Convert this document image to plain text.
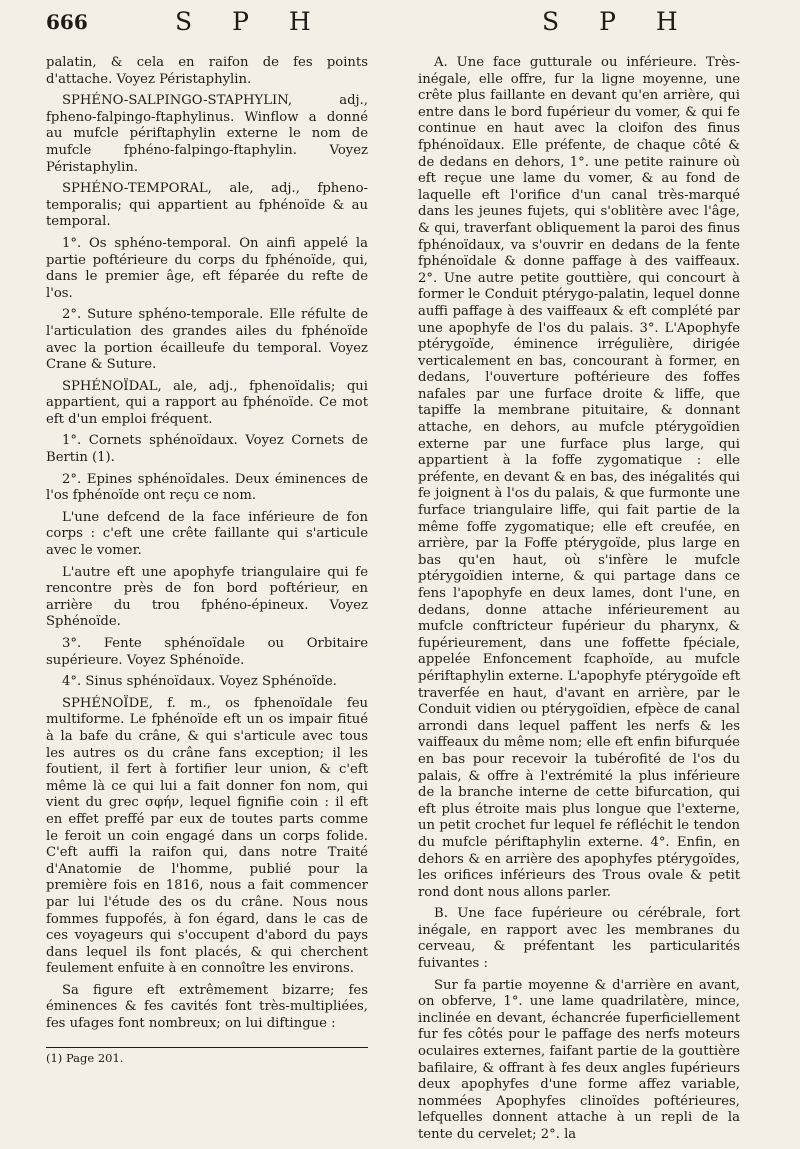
666	S P H	S P H

palatin, & cela en raifon de fes points d'attache. Voyez Péristaphylin.

SPHÉNO-SALPINGO-STAPHYLIN, adj., fpheno-falpingo-ftaphylinus. Winflow a donné au mufcle périftaphylin externe le nom de mufcle fphéno-falpingo-ftaphylin. Voyez Péristaphylin.

SPHÉNO-TEMPORAL, ale, adj., fpheno-temporalis; qui appartient au fphénoïde & au temporal.

1°. Os sphéno-temporal. On ainfi appelé la partie poftérieure du corps du fphénoïde, qui, dans le premier âge, eft féparée du refte de l'os.

2°. Suture sphéno-temporale. Elle réfulte de l'articulation des grandes ailes du fphénoïde avec la portion écailleufe du temporal. Voyez Crane & Suture.

SPHÉNOÏDAL, ale, adj., fphenoïdalis; qui appartient, qui a rapport au fphénoïde. Ce mot eft d'un emploi fréquent.

1°. Cornets sphénoïdaux. Voyez Cornets de Bertin (1).

2°. Epines sphénoïdales. Deux éminences de l'os fphénoïde ont reçu ce nom.

L'une defcend de la face inférieure de fon corps : c'eft une crête faillante qui s'articule avec le vomer.

L'autre eft une apophyfe triangulaire qui fe rencontre près de fon bord poftérieur, en arrière du trou fphéno-épineux. Voyez Sphénoïde.

3°. Fente sphénoïdale ou Orbitaire supérieure. Voyez Sphénoïde.

4°. Sinus sphénoïdaux. Voyez Sphénoïde.

SPHÉNOÏDE, f. m., os fphenoïdale feu multiforme. Le fphénoïde eft un os impair fitué à la bafe du crâne, & qui s'articule avec tous les autres os du crâne fans exception; il les foutient, il fert à fortifier leur union, & c'eft même là ce qui lui a fait donner fon nom, qui vient du grec σφήν, lequel fignifie coin : il eft en effet preffé par eux de toutes parts comme le feroit un coin engagé dans un corps folide. C'eft auffi la raifon qui, dans notre Traité d'Anatomie de l'homme, publié pour la première fois en 1816, nous a fait commencer par lui l'étude des os du crâne. Nous nous fommes fuppofés, à fon égard, dans le cas de ces voyageurs qui s'occupent d'abord du pays dans lequel ils font placés, & qui cherchent feulement enfuite à en connoître les environs.

Sa figure eft extrêmement bizarre; fes éminences & fes cavités font très-multipliées, fes ufages font nombreux; on lui diftingue :

(1) Page 201.

A. Une face gutturale ou inférieure. Très-inégale, elle offre, fur la ligne moyenne, une crête plus faillante en devant qu'en arrière, qui entre dans le bord fupérieur du vomer, & qui fe continue en haut avec la cloifon des finus fphénoïdaux. Elle préfente, de chaque côté & de dedans en dehors, 1°. une petite rainure où eft reçue une lame du vomer, & au fond de laquelle eft l'orifice d'un canal très-marqué dans les jeunes fujets, qui s'oblitère avec l'âge, & qui, traverfant obliquement la paroi des finus fphénoïdaux, va s'ouvrir en dedans de la fente fphénoïdale & donne paffage à des vaiffeaux. 2°. Une autre petite gouttière, qui concourt à former le Conduit ptérygo-palatin, lequel donne auffi paffage à des vaiffeaux & eft complété par une apophyfe de l'os du palais. 3°. L'Apophyfe ptérygoïde, éminence irrégulière, dirigée verticalement en bas, concourant à former, en dedans, l'ouverture poftérieure des foffes nafales par une furface droite & liffe, que tapiffe la membrane pituitaire, & donnant attache, en dehors, au mufcle ptérygoïdien externe par une furface plus large, qui appartient à la foffe zygomatique : elle préfente, en devant & en bas, des inégalités qui fe joignent à l'os du palais, & que furmonte une furface triangulaire liffe, qui fait partie de la même foffe zygomatique; elle eft creufée, en arrière, par la Foffe ptérygoïde, plus large en bas qu'en haut, où s'infère le mufcle ptérygoïdien interne, & qui partage dans ce fens l'apophyfe en deux lames, dont l'une, en dedans, donne attache inférieurement au mufcle conftricteur fupérieur du pharynx, & fupérieurement, dans une foffette fpéciale, appelée Enfoncement fcaphoïde, au mufcle périftaphylin externe. L'apophyfe ptérygoïde eft traverfée en haut, d'avant en arrière, par le Conduit vidien ou ptérygoïdien, efpèce de canal arrondi dans lequel paffent les nerfs & les vaiffeaux du même nom; elle eft enfin bifurquée en bas pour recevoir la tubérofité de l'os du palais, & offre à l'extrémité la plus inférieure de la branche interne de cette bifurcation, qui eft plus étroite mais plus longue que l'externe, un petit crochet fur lequel fe réfléchit le tendon du mufcle périftaphylin externe. 4°. Enfin, en dehors & en arrière des apophyfes ptérygoïdes, les orifices inférieurs des Trous ovale & petit rond dont nous allons parler.

B. Une face fupérieure ou cérébrale, fort inégale, en rapport avec les membranes du cerveau, & préfentant les particularités fuivantes :

Sur fa partie moyenne & d'arrière en avant, on obferve, 1°. une lame quadrilatère, mince, inclinée en devant, échancrée fuperficiellement fur fes côtés pour le paffage des nerfs moteurs oculaires externes, faifant partie de la gouttière bafilaire, & offrant à fes deux angles fupérieurs deux apophyfes d'une forme affez variable, nommées Apophyfes clinoïdes poftérieures, lefquelles donnent attache à un repli de la tente du cervelet; 2°. la
